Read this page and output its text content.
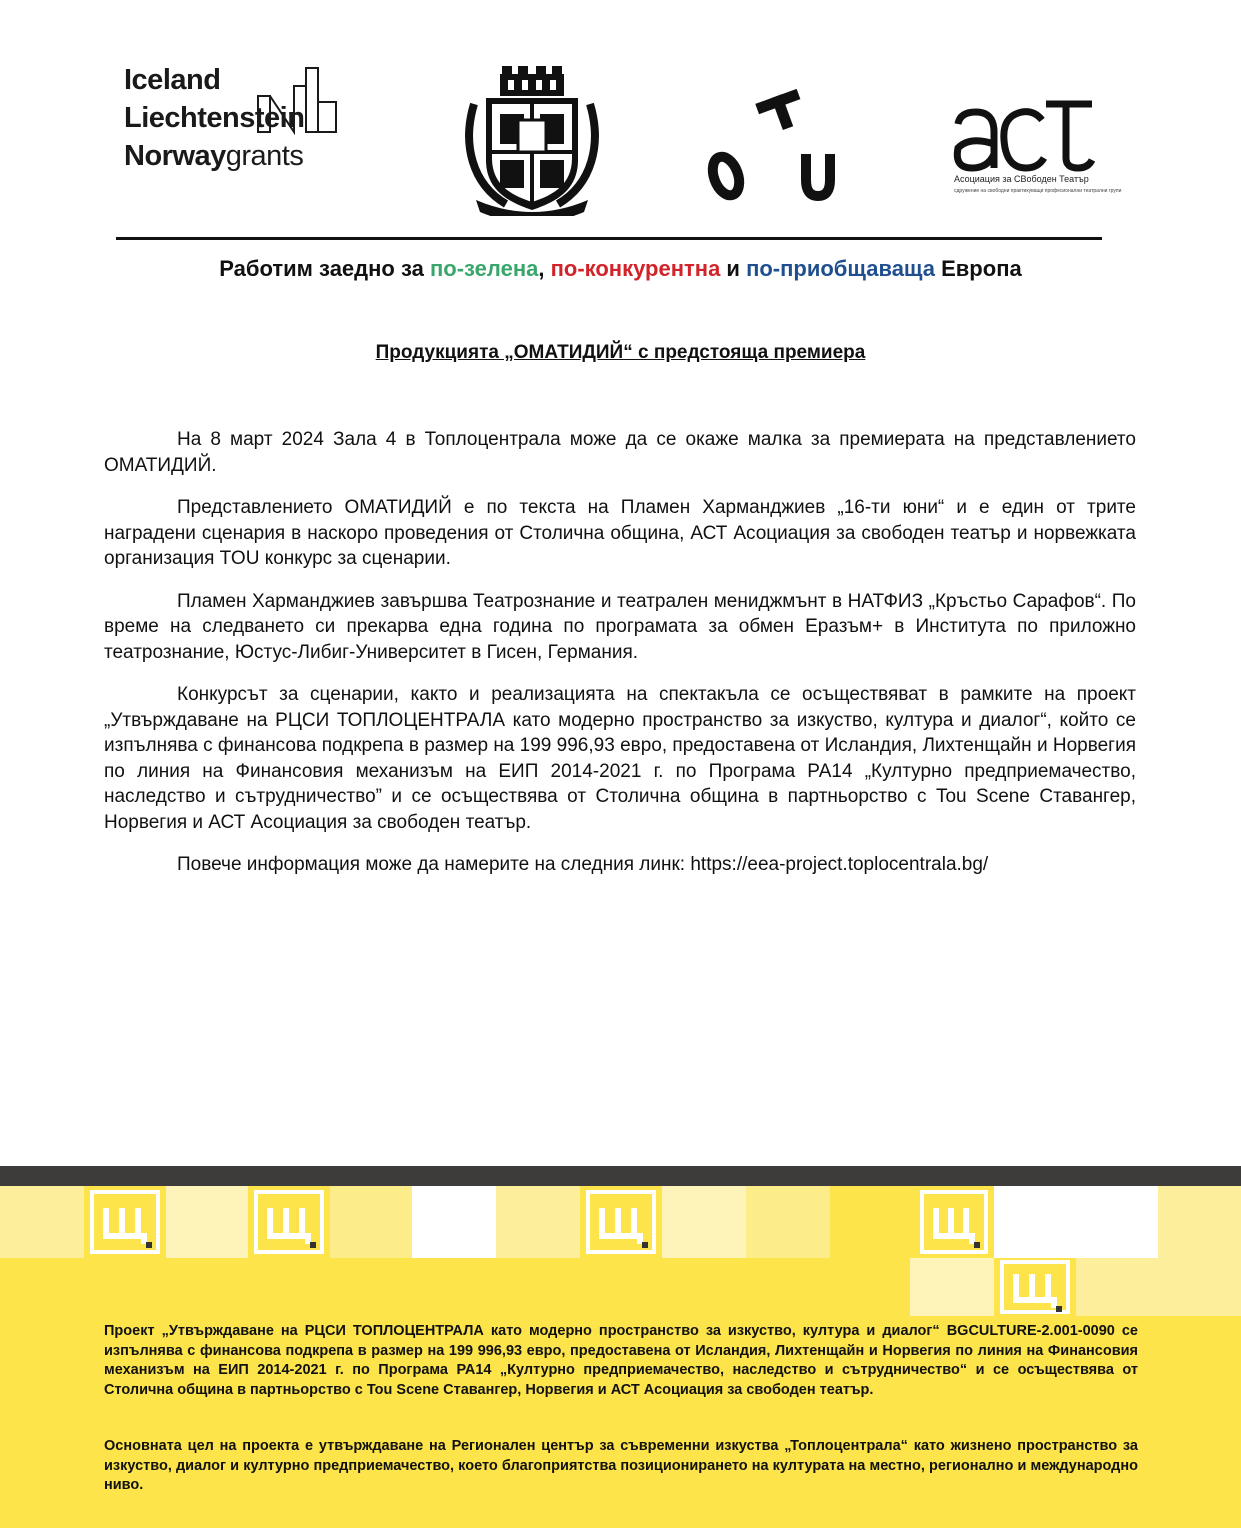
Iceland
Liechtenstein
Norwaygrants
Асоциация за СВободен Театър
сдружение на свободни практикуващи професионални театрални групи
Работим заедно за по-зелена, по-конкурентна и по-приобщаваща Европа
Продукцията „ОМАТИДИЙ“ с предстояща премиера

На 8 март 2024 Зала 4 в Топлоцентрала може да се окаже малка за премиерата на представлението ОМАТИДИЙ.

Представлението ОМАТИДИЙ е по текста на Пламен Харманджиев „16-ти юни“ и е един от трите наградени сценария в наскоро проведения от Столична община, АСТ Асоциация за свободен театър и норвежката организация TOU конкурс за сценарии.

Пламен Харманджиев завършва Театрознание и театрален мениджмънт в НАТФИЗ „Кръстьо Сарафов“. По време на следването си прекарва една година по програмата за обмен Еразъм+ в Института по приложно театрознание, Юстус-Либиг-Университет в Гисен, Германия.

Конкурсът за сценарии, както и реализацията на спектакъла се осъществяват в рамките на проект „Утвърждаване на РЦСИ ТОПЛОЦЕНТРАЛА като модерно пространство за изкуство, култура и диалог“, който се изпълнява с финансова подкрепа в размер на 199 996,93 евро, предоставена от Исландия, Лихтенщайн и Норвегия по линия на Финансовия механизъм на ЕИП 2014-2021 г. по Програма РА14 „Културно предприемачество, наследство и сътрудничество” и се осъществява от Столична община в партньорство с Tou Scene Ставангер, Норвегия и АСТ Асоциация за свободен театър.

Повече информация може да намерите на следния линк: https://eea-project.toplocentrala.bg/

Проект „Утвърждаване на РЦСИ ТОПЛОЦЕНТРАЛА като модерно пространство за изкуство, култура и диалог“ BGCULTURE-2.001-0090 се изпълнява с финансова подкрепа в размер на 199 996,93 евро, предоставена от Исландия, Лихтенщайн и Норвегия по линия на Финансовия механизъм на ЕИП 2014-2021 г. по Програма РА14 „Културно предприемачество, наследство и сътрудничество“ и се осъществява от Столична община в партньорство с Tou Scene Ставангер, Норвегия и АСТ Асоциация за свободен театър.
Основната цел на проекта е утвърждаване на Регионален център за съвременни изкуства „Топлоцентрала“ като жизнено пространство за изкуство, диалог и културно предприемачество, което благоприятства позиционирането на културата на местно, регионално и международно ниво.
